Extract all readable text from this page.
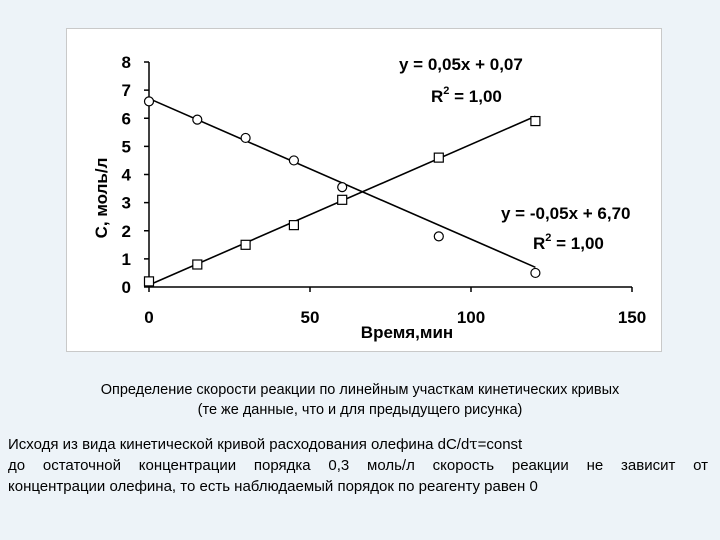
0
1
2
3
4
5
6
7
8
0	50	100	150
С, моль/л
Время,мин
y = 0,05x + 0,07
$R^2 = 1,00$
y = -0,05x + 6,70
$R^2 = 1,00$
Определение скорости реакции по линейным участкам кинетических кривых
(те же данные, что и для предыдущего рисунка)
Исходя из вида кинетической кривой расходования олефина dC/dτ=const
до остаточной концентрации порядка 0,3 моль/л скорость реакции не зависит от
концентрации олефина, то есть наблюдаемый порядок по реагенту равен 0
